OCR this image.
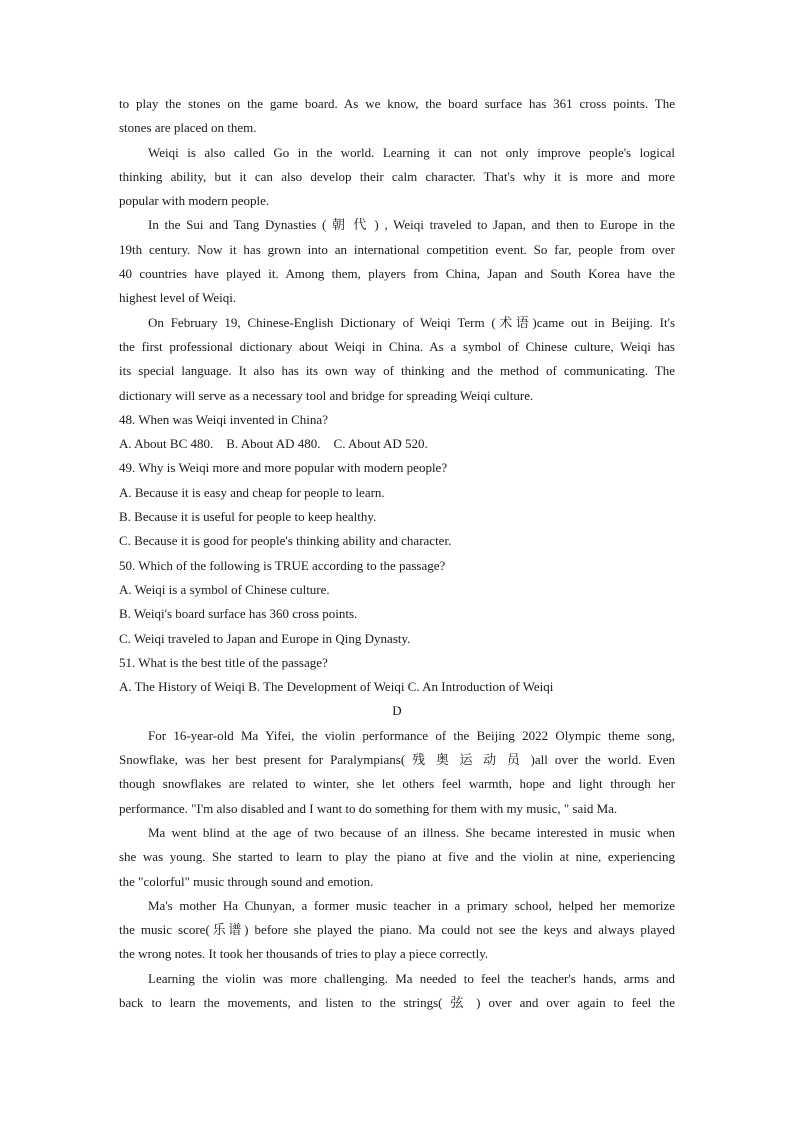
to play the stones on the game board. As we know, the board surface has 361 cross points. The
stones are placed on them.
Weiqi is also called Go in the world. Learning it can not only improve people's logical
thinking ability, but it can also develop their calm character. That's why it is more and more
popular with modern people.
In the Sui and Tang Dynasties ( 朝 代 ) , Weiqi traveled to Japan, and then to Europe in the
19th century. Now it has grown into an international competition event. So far, people from over
40 countries have played it. Among them, players from China, Japan and South Korea have the
highest level of Weiqi.
On February 19, Chinese-English Dictionary of Weiqi Term (术语)came out in Beijing. It's
the first professional dictionary about Weiqi in China. As a symbol of Chinese culture, Weiqi has
its special language. It also has its own way of thinking and the method of communicating. The
dictionary will serve as a necessary tool and bridge for spreading Weiqi culture.
48. When was Weiqi invented in China?
A. About BC 480.    B. About AD 480.    C. About AD 520.
49. Why is Weiqi more and more popular with modern people?
A. Because it is easy and cheap for people to learn.
B. Because it is useful for people to keep healthy.
C. Because it is good for people's thinking ability and character.
50. Which of the following is TRUE according to the passage?
A. Weiqi is a symbol of Chinese culture.
B. Weiqi's board surface has 360 cross points.
C. Weiqi traveled to Japan and Europe in Qing Dynasty.
51. What is the best title of the passage?
A. The History of Weiqi B. The Development of Weiqi C. An Introduction of Weiqi
D
For 16-year-old Ma Yifei, the violin performance of the Beijing 2022 Olympic theme song,
Snowflake, was her best present for Paralympians( 残 奥 运 动 员 )all over the world. Even
though snowflakes are related to winter, she let others feel warmth, hope and light through her
performance. "I'm also disabled and I want to do something for them with my music, " said Ma.
Ma went blind at the age of two because of an illness. She became interested in music when
she was young. She started to learn to play the piano at five and the violin at nine, experiencing
the "colorful" music through sound and emotion.
Ma's mother Ha Chunyan, a former music teacher in a primary school, helped her memorize
the music score(乐谱) before she played the piano. Ma could not see the keys and always played
the wrong notes. It took her thousands of tries to play a piece correctly.
Learning the violin was more challenging. Ma needed to feel the teacher's hands, arms and
back to learn the movements, and listen to the strings( 弦 ) over and over again to feel the
